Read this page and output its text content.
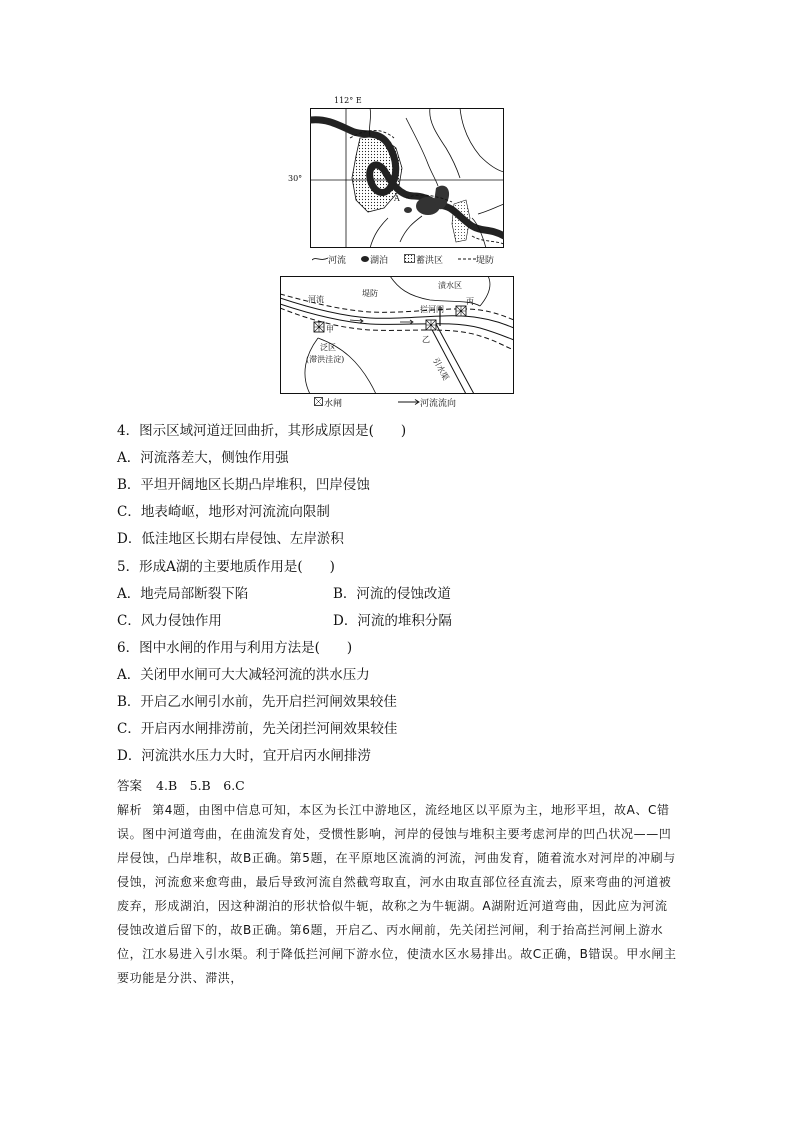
112° E
30°
A
河流	湖泊	蓄洪区	堤防
河流
堤防
渍水区
丙
拦河闸
甲
泛区
(滞洪洼淀)
乙
引水渠
水闸	河流流向
4．图示区域河道迂回曲折，其形成原因是(　　)
A．河流落差大，侧蚀作用强
B．平坦开阔地区长期凸岸堆积，凹岸侵蚀
C．地表崎岖，地形对河流流向限制
D．低洼地区长期右岸侵蚀、左岸淤积
5．形成A湖的主要地质作用是(　　)
A．地壳局部断裂下陷	B．河流的侵蚀改道
C．风力侵蚀作用	D．河流的堆积分隔
6．图中水闸的作用与利用方法是(　　)
A．关闭甲水闸可大大减轻河流的洪水压力
B．开启乙水闸引水前，先开启拦河闸效果较佳
C．开启丙水闸排涝前，先关闭拦河闸效果较佳
D．河流洪水压力大时，宜开启丙水闸排涝
答案 4.B　5.B　6.C
解析 第4题，由图中信息可知，本区为长江中游地区，流经地区以平原为主，地形平坦，故A、C错误。图中河道弯曲，在曲流发育处，受惯性影响，河岸的侵蚀与堆积主要考虑河岸的凹凸状况——凹岸侵蚀，凸岸堆积，故B正确。第5题，在平原地区流淌的河流，河曲发育，随着流水对河岸的冲刷与侵蚀，河流愈来愈弯曲，最后导致河流自然截弯取直，河水由取直部位径直流去，原来弯曲的河道被废弃，形成湖泊，因这种湖泊的形状恰似牛轭，故称之为牛轭湖。A湖附近河道弯曲，因此应为河流侵蚀改道后留下的，故B正确。第6题，开启乙、丙水闸前，先关闭拦河闸，利于抬高拦河闸上游水位，江水易进入引水渠。利于降低拦河闸下游水位，使渍水区水易排出。故C正确，B错误。甲水闸主要功能是分洪、滞洪，
